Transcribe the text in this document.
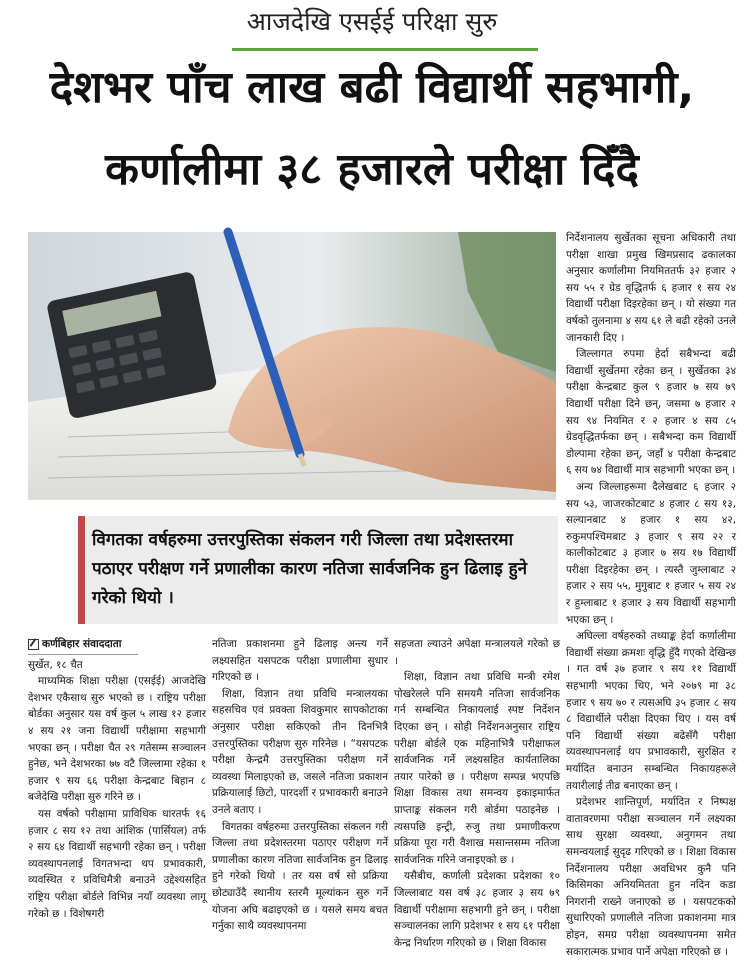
आजदेखि एसईई परिक्षा सुरु
देशभर पाँच लाख बढी विद्यार्थी सहभागी,
कर्णालीमा ३८ हजारले परीक्षा दिँदै
विगतका वर्षहरुमा उत्तरपुस्तिका संकलन गरी जिल्ला तथा प्रदेशस्तरमा पठाएर परीक्षण गर्ने प्रणालीका कारण नतिजा सार्वजनिक हुन ढिलाइ हुने गरेको थियो ।
कर्णबिहार संवाददाता

सुर्खेत, १८ चैत

माध्यमिक शिक्षा परीक्षा (एसईई) आजदेखि देशभर एकैसाथ सुरु भएको छ । राष्ट्रिय परीक्षा बोर्डका अनुसार यस वर्ष कुल ५ लाख १२ हजार ४ सय २१ जना विद्यार्थी परीक्षामा सहभागी भएका छन् । परीक्षा चैत २९ गतेसम्म सञ्चालन हुनेछ, भने देशभरका ७७ वटै जिल्लामा रहेका १ हजार ९ सय ६६ परीक्षा केन्द्रबाट बिहान ८ बजेदेखि परीक्षा सुरु गरिने छ ।

यस वर्षको परीक्षामा प्राविधिक धारतर्फ १६ हजार ८ सय १२ तथा आंशिक (पार्सियल) तर्फ २ सय ६४ विद्यार्थी सहभागी रहेका छन् । परीक्षा व्यवस्थापनलाई विगतभन्दा थप प्रभावकारी, व्यवस्थित र प्रविधिमैत्री बनाउने उद्देश्यसहित राष्ट्रिय परीक्षा बोर्डले विभिन्न नयाँ व्यवस्था लागू गरेको छ । विशेषगरी

नतिजा प्रकाशनमा हुने ढिलाइ अन्त्य गर्ने लक्ष्यसहित यसपटक परीक्षा प्रणालीमा सुधार गरिएको छ ।

शिक्षा, विज्ञान तथा प्रविधि मन्त्रालयका सहसचिव एवं प्रवक्ता शिवकुमार सापकोटाका अनुसार परीक्षा सकिएको तीन दिनभित्रै उत्तरपुस्तिका परीक्षण सुरु गरिनेछ । “यसपटक परीक्षा केन्द्रमै उत्तरपुस्तिका परीक्षण गर्ने व्यवस्था मिलाइएको छ, जसले नतिजा प्रकाशन प्रक्रियालाई छिटो, पारदर्शी र प्रभावकारी बनाउने उनले बताए ।

विगतका वर्षहरुमा उत्तरपुस्तिका संकलन गरी जिल्ला तथा प्रदेशस्तरमा पठाएर परीक्षण गर्ने प्रणालीका कारण नतिजा सार्वजनिक हुन ढिलाइ हुने गरेको थियो । तर यस वर्ष सो प्रक्रिया छोट्याउँदै स्थानीय स्तरमै मूल्यांकन सुरु गर्ने योजना अघि बढाइएको छ । यसले समय बचत गर्नुका साथै व्यवस्थापनमा

सहजता ल्याउने अपेक्षा मन्त्रालयले गरेको छ ।

शिक्षा, विज्ञान तथा प्रविधि मन्त्री रमेश पोखरेलले पनि समयमै नतिजा सार्वजनिक गर्न सम्बन्धित निकायलाई स्पष्ट निर्देशन दिएका छन् । सोही निर्देशनअनुसार राष्ट्रिय परीक्षा बोर्डले एक महिनाभित्रै परीक्षाफल सार्वजनिक गर्ने लक्ष्यसहित कार्यतालिका तयार पारेको छ । परीक्षण सम्पन्न भएपछि शिक्षा विकास तथा समन्वय इकाइमार्फत प्राप्ताङ्क संकलन गरी बोर्डमा पठाइनेछ । त्यसपछि इन्ट्री, रुजु तथा प्रमाणीकरण प्रक्रिया पूरा गरी वैशाख मसान्तसम्म नतिजा सार्वजनिक गरिने जनाइएको छ ।

यसैबीच, कर्णाली प्रदेशका प्रदेशका १० जिल्लाबाट यस वर्ष ३८ हजार ३ सय ७९ विद्यार्थी परीक्षामा सहभागी हुने छन् । परीक्षा सञ्चालनका लागि प्रदेशभर १ सय ६१ परीक्षा केन्द्र निर्धारण गरिएको छ । शिक्षा विकास

निर्देशनालय सुर्खेतका सूचना अधिकारी तथा परीक्षा शाखा प्रमुख खिमप्रसाद ढकालका अनुसार कर्णालीमा नियमिततर्फ ३२ हजार २ सय ५५ र ग्रेड वृद्धितर्फ ६ हजार १ सय २४ विद्यार्थी परीक्षा दिइरहेका छन् । यो संख्या गत वर्षको तुलनामा ४ सय ६१ ले बढी रहेको उनले जानकारी दिए ।

जिल्लागत रुपमा हेर्दा सबैभन्दा बढी विद्यार्थी सुर्खेतमा रहेका छन् । सुर्खेतका ३४ परीक्षा केन्द्रबाट कुल ९ हजार ७ सय ७९ विद्यार्थी परीक्षा दिने छन्, जसमा ७ हजार २ सय ९४ नियमित र २ हजार ४ सय ८५ ग्रेडवृद्धितर्फका छन् । सबैभन्दा कम विद्यार्थी डोल्पामा रहेका छन्, जहाँ ४ परीक्षा केन्द्रबाट ६ सय ७४ विद्यार्थी मात्र सहभागी भएका छन् ।

अन्य जिल्लाहरूमा दैलेखबाट ६ हजार २ सय ५३, जाजरकोटबाट ४ हजार ८ सय १३, सल्यानबाट ४ हजार १ सय ४२, रुकुमपश्चिमबाट ३ हजार ९ सय २२ र कालीकोटबाट ३ हजार ७ सय १७ विद्यार्थी परीक्षा दिइरहेका छन् । त्यस्तै जुम्लाबाट २ हजार २ सय ५५, मुगुबाट १ हजार ५ सय २४ र हुम्लाबाट १ हजार ३ सय विद्यार्थी सहभागी भएका छन् ।

अघिल्ला वर्षहरुको तथ्याङ्क हेर्दा कर्णालीमा विद्यार्थी संख्या क्रमशः वृद्धि हुँदै गएको देखिन्छ । गत वर्ष ३७ हजार ९ सय ११ विद्यार्थी सहभागी भएका थिए, भने २०७९ मा ३८ हजार ९ सय ७० र त्यसअघि ३५ हजार ८ सय ८ विद्यार्थीले परीक्षा दिएका थिए । यस वर्ष पनि विद्यार्थी संख्या बढेसँगै परीक्षा व्यवस्थापनलाई थप प्रभावकारी, सुरक्षित र मर्यादित बनाउन सम्बन्धित निकायहरूले तयारीलाई तीव्र बनाएका छन् ।

प्रदेशभर शान्तिपूर्ण, मर्यादित र निष्पक्ष वातावरणमा परीक्षा सञ्चालन गर्ने लक्ष्यका साथ सुरक्षा व्यवस्था, अनुगमन तथा समन्वयलाई सुदृढ गरिएको छ । शिक्षा विकास निर्देशनालय परीक्षा अवधिभर कुनै पनि किसिमका अनियमितता हुन नदिन कडा निगरानी राख्ने जनाएको छ । यसपटकको सुधारिएको प्रणालीले नतिजा प्रकाशनमा मात्र होइन, समग्र परीक्षा व्यवस्थापनमा समेत सकारात्मक प्रभाव पार्ने अपेक्षा गरिएको छ ।
